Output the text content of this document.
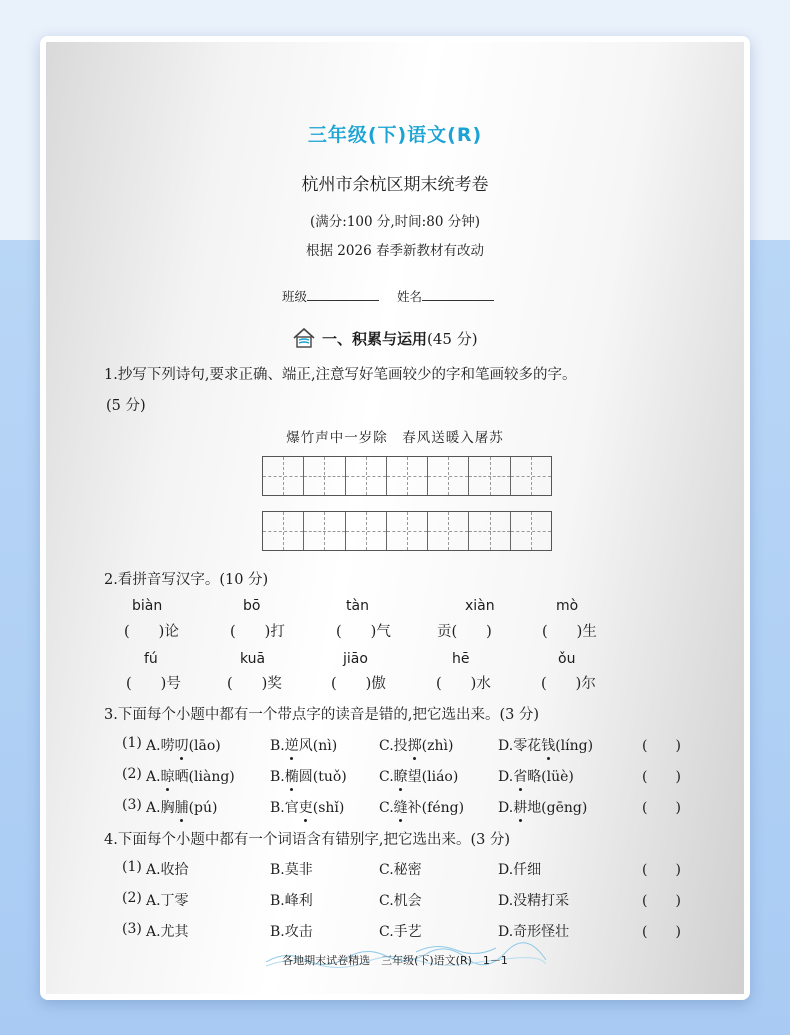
三年级(下)语文(R)
杭州市余杭区期末统考卷
(满分:100 分,时间:80 分钟)
根据 2026 春季新教材有改动
班级	姓名
一、积累与运用 (45 分)
1.抄写下列诗句,要求正确、端正,注意写好笔画较少的字和笔画较多的字。
(5 分)
爆竹声中一岁除　春风送暖入屠苏
2.看拼音写汉字。(10 分)
biàn	bō	tàn	xiàn	mò
(　　)论	(　　)打	(　　)气	贡(　　)	(　　)生
fú	kuā	jiāo	hē	ǒu
(　　)号	(　　)奖	(　　)傲	(　　)水	(　　)尔
3.下面每个小题中都有一个带点字的读音是错的,把它选出来。(3 分)
(1) A.唠叨(lāo)	B.逆风(nì)	C.投掷(zhì)	D.零花钱(líng)	(　　)
(2) A.晾晒(liàng)	B.椭圆(tuǒ) C.瞭望(liáo)	D.省略(lüè)	(　　)
(3) A.胸脯(pú)	B.官吏(shǐ) C.缝补(féng) D.耕地(gēng)	(　　)
4.下面每个小题中都有一个词语含有错别字,把它选出来。(3 分)
(1) A.收拾	B.莫非	C.秘密	D.仟细	(　　)
(2) A.丁零	B.峰利	C.机会	D.没精打采	(　　)
(3) A.尤其	B.攻击	C.手艺	D.奇形怪壮	(　　)
各地期末试卷精选　三年级(下)语文(R)　1－1
